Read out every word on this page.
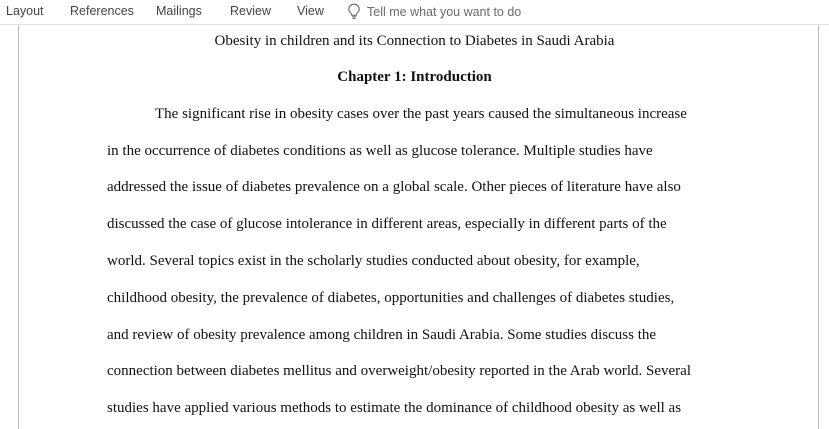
Layout References Mailings Review View	Tell me what you want to do
Obesity in children and its Connection to Diabetes in Saudi Arabia
Chapter 1: Introduction
The significant rise in obesity cases over the past years caused the simultaneous increase
in the occurrence of diabetes conditions as well as glucose tolerance. Multiple studies have
addressed the issue of diabetes prevalence on a global scale. Other pieces of literature have also
discussed the case of glucose intolerance in different areas, especially in different parts of the
world. Several topics exist in the scholarly studies conducted about obesity, for example,
childhood obesity, the prevalence of diabetes, opportunities and challenges of diabetes studies,
and review of obesity prevalence among children in Saudi Arabia. Some studies discuss the
connection between diabetes mellitus and overweight/obesity reported in the Arab world. Several
studies have applied various methods to estimate the dominance of childhood obesity as well as
